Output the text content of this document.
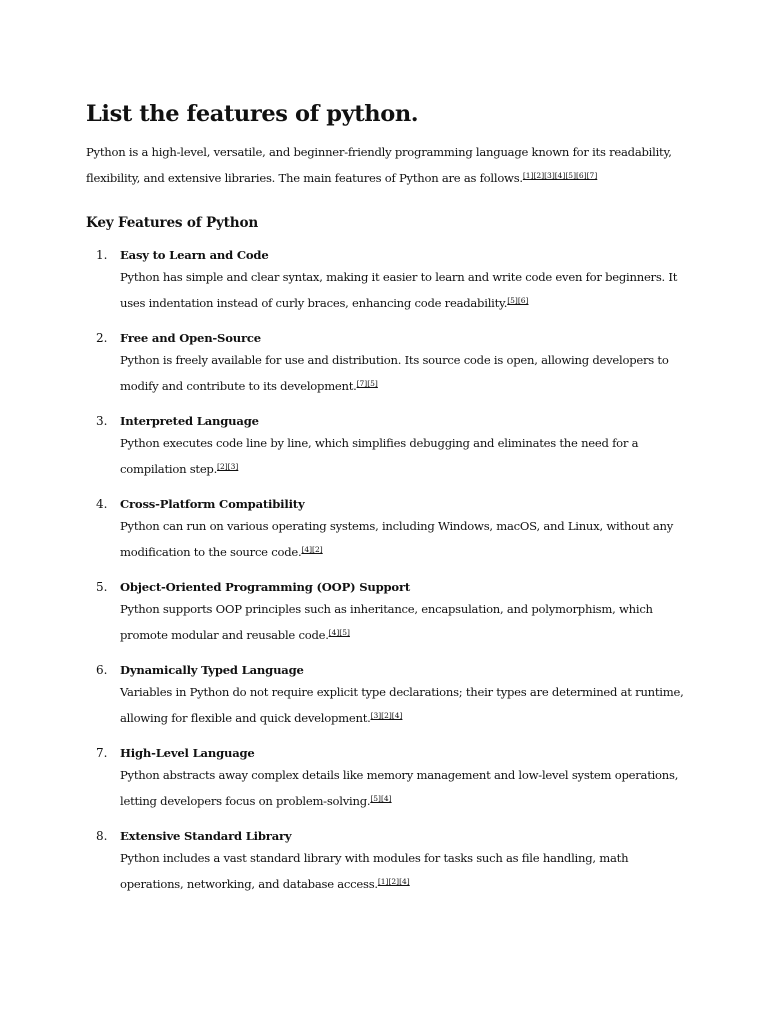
List the features of python.

Python is a high-level, versatile, and beginner-friendly programming language known for its readability, flexibility, and extensive libraries. The main features of Python are as follows.[1][2][3][4][5][6][7]

Key Features of Python
1. Easy to Learn and Code

Python has simple and clear syntax, making it easier to learn and write code even for beginners. It uses indentation instead of curly braces, enhancing code readability.[5][6]

2. Free and Open-Source

Python is freely available for use and distribution. Its source code is open, allowing developers to modify and contribute to its development.[7][5]

3. Interpreted Language

Python executes code line by line, which simplifies debugging and eliminates the need for a compilation step.[2][3]

4. Cross-Platform Compatibility

Python can run on various operating systems, including Windows, macOS, and Linux, without any modification to the source code.[4][2]

5. Object-Oriented Programming (OOP) Support

Python supports OOP principles such as inheritance, encapsulation, and polymorphism, which promote modular and reusable code.[4][5]

6. Dynamically Typed Language

Variables in Python do not require explicit type declarations; their types are determined at runtime, allowing for flexible and quick development.[3][2][4]

7. High-Level Language

Python abstracts away complex details like memory management and low-level system operations, letting developers focus on problem-solving.[5][4]

8. Extensive Standard Library

Python includes a vast standard library with modules for tasks such as file handling, math operations, networking, and database access.[1][2][4]
